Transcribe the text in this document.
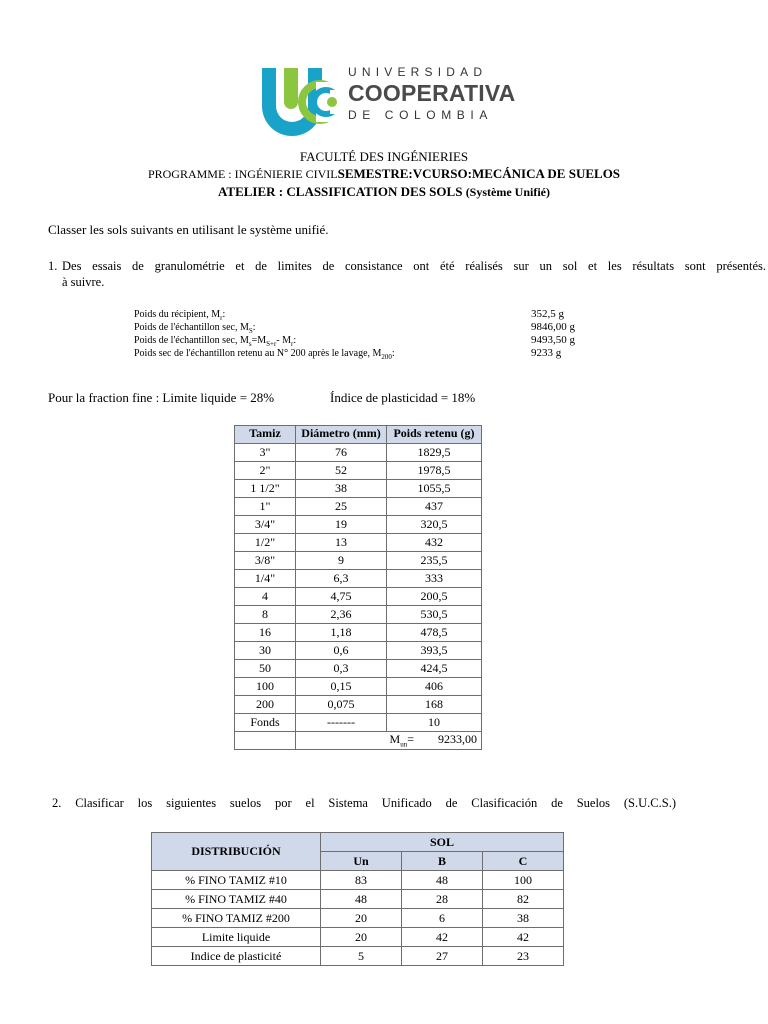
UNIVERSIDAD
COOPERATIVA
DE COLOMBIA
FACULTÉ DES INGÉNIERIES
PROGRAMME : INGÉNIERIE CIVILSEMESTRE:VCURSO:MECÁNICA DE SUELOS
ATELIER : CLASSIFICATION DES SOLS (Système Unifié)
Classer les sols suivants en utilisant le système unifié.
1. Des essais de granulométrie et de limites de consistance ont été réalisés sur un sol et les résultats sont présentés.
à suivre.
Poids du récipient, $M_r$:	352,5 g
Poids de l'échantillon sec, $M_S$:	9846,00 g
Poids de l'échantillon sec, $M_s=M_{S+r}-$ $M_r$:	9493,50 g
Poids sec de l'échantillon retenu au N° 200 après le lavage, $M_{200}$:	9233 g
Pour la fraction fine : Limite liquide = 28%	Índice de plasticidad = 18%
Tamiz	Diámetro (mm)	Poids retenu (g)
3"	76	1829,5
2"	52	1978,5
1 1/2"	38	1055,5
1"	25	437
3/4"	19	320,5
1/2"	13	432
3/8"	9	235,5
1/4"	6,3	333
4	4,75	200,5
8	2,36	530,5
16	1,18	478,5
30	0,6	393,5
50	0,3	424,5
100	0,15	406
200	0,075	168
Fonds	-------	10
	$M_{un}= 9233,00$	
2. Clasificar los siguientes suelos por el Sistema Unificado de Clasificación de Suelos (S.U.C.S.)
DISTRIBUCIÓN	SOL		
	Un	B	C
% FINO TAMIZ #10	83	48	100
% FINO TAMIZ #40	48	28	82
% FINO TAMIZ #200	20	6	38
Limite liquide	20	42	42
Indice de plasticité	5	27	23
